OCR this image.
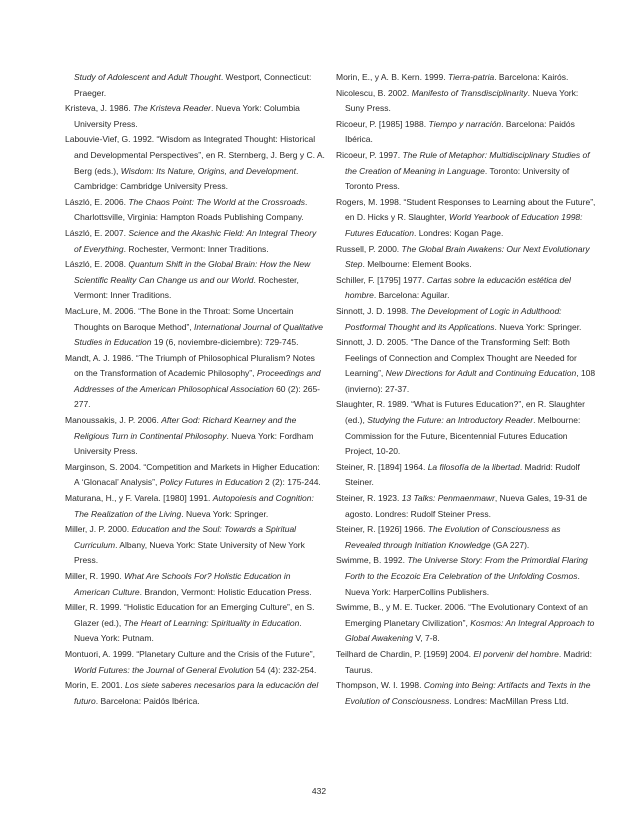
Study of Adolescent and Adult Thought. Westport, Connecticut: Praeger.

Kristeva, J. 1986. The Kristeva Reader. Nueva York: Columbia University Press.

Labouvie-Vief, G. 1992. “Wisdom as Integrated Thought: Historical and Developmental Perspectives”, en R. Sternberg, J. Berg y C. A. Berg (eds.), Wisdom: Its Nature, Origins, and Development. Cambridge: Cambridge University Press.

László, E. 2006. The Chaos Point: The World at the Crossroads. Charlottsville, Virginia: Hampton Roads Publishing Company.

László, E. 2007. Science and the Akashic Field: An Integral Theory of Everything. Rochester, Vermont: Inner Traditions.

László, E. 2008. Quantum Shift in the Global Brain: How the New Scientific Reality Can Change us and our World. Rochester, Vermont: Inner Traditions.

MacLure, M. 2006. “The Bone in the Throat: Some Uncertain Thoughts on Baroque Method”, International Journal of Qualitative Studies in Education 19 (6, noviembre-diciembre): 729-745.

Mandt, A. J. 1986. “The Triumph of Philosophical Pluralism? Notes on the Transformation of Academic Philosophy”, Proceedings and Addresses of the American Philosophical Association 60 (2): 265-277.

Manoussakis, J. P. 2006. After God: Richard Kearney and the Religious Turn in Continental Philosophy. Nueva York: Fordham University Press.

Marginson, S. 2004. “Competition and Markets in Higher Education: A ‘Glonacal’ Analysis”, Policy Futures in Education 2 (2): 175-244.

Maturana, H., y F. Varela. [1980] 1991. Autopoiesis and Cognition: The Realization of the Living. Nueva York: Springer.

Miller, J. P. 2000. Education and the Soul: Towards a Spiritual Curriculum. Albany, Nueva York: State University of New York Press.

Miller, R. 1990. What Are Schools For? Holistic Education in American Culture. Brandon, Vermont: Holistic Education Press.

Miller, R. 1999. “Holistic Education for an Emerging Culture”, en S. Glazer (ed.), The Heart of Learning: Spirituality in Education. Nueva York: Putnam.

Montuori, A. 1999. “Planetary Culture and the Crisis of the Future”, World Futures: the Journal of General Evolution 54 (4): 232-254.

Morin, E. 2001. Los siete saberes necesarios para la educación del futuro. Barcelona: Paidós Ibérica.

Morin, E., y A. B. Kern. 1999. Tierra-patria. Barcelona: Kairós.

Nicolescu, B. 2002. Manifesto of Transdisciplinarity. Nueva York: Suny Press.

Ricoeur, P. [1985] 1988. Tiempo y narración. Barcelona: Paidós Ibérica.

Ricoeur, P. 1997. The Rule of Metaphor: Multidisciplinary Studies of the Creation of Meaning in Language. Toronto: University of Toronto Press.

Rogers, M. 1998. “Student Responses to Learning about the Future”, en D. Hicks y R. Slaughter, World Yearbook of Education 1998: Futures Education. Londres: Kogan Page.

Russell, P. 2000. The Global Brain Awakens: Our Next Evolutionary Step. Melbourne: Element Books.

Schiller, F. [1795] 1977. Cartas sobre la educación estética del hombre. Barcelona: Aguilar.

Sinnott, J. D. 1998. The Development of Logic in Adulthood: Postformal Thought and its Applications. Nueva York: Springer.

Sinnott, J. D. 2005. “The Dance of the Transforming Self: Both Feelings of Connection and Complex Thought are Needed for Learning”, New Directions for Adult and Continuing Education, 108 (invierno): 27-37.

Slaughter, R. 1989. “What is Futures Education?”, en R. Slaughter (ed.), Studying the Future: an Introductory Reader. Melbourne: Commission for the Future, Bicentennial Futures Education Project, 10-20.

Steiner, R. [1894] 1964. La filosofía de la libertad. Madrid: Rudolf Steiner.

Steiner, R. 1923. 13 Talks: Penmaenmawr, Nueva Gales, 19-31 de agosto. Londres: Rudolf Steiner Press.

Steiner, R. [1926] 1966. The Evolution of Consciousness as Revealed through Initiation Knowledge (GA 227).

Swimme, B. 1992. The Universe Story: From the Primordial Flaring Forth to the Ecozoic Era Celebration of the Unfolding Cosmos. Nueva York: HarperCollins Publishers.

Swimme, B., y M. E. Tucker. 2006. “The Evolutionary Context of an Emerging Planetary Civilization”, Kosmos: An Integral Approach to Global Awakening V, 7-8.

Teilhard de Chardin, P. [1959] 2004. El porvenir del hombre. Madrid: Taurus.

Thompson, W. I. 1998. Coming into Being: Artifacts and Texts in the Evolution of Consciousness. Londres: MacMillan Press Ltd.

432
